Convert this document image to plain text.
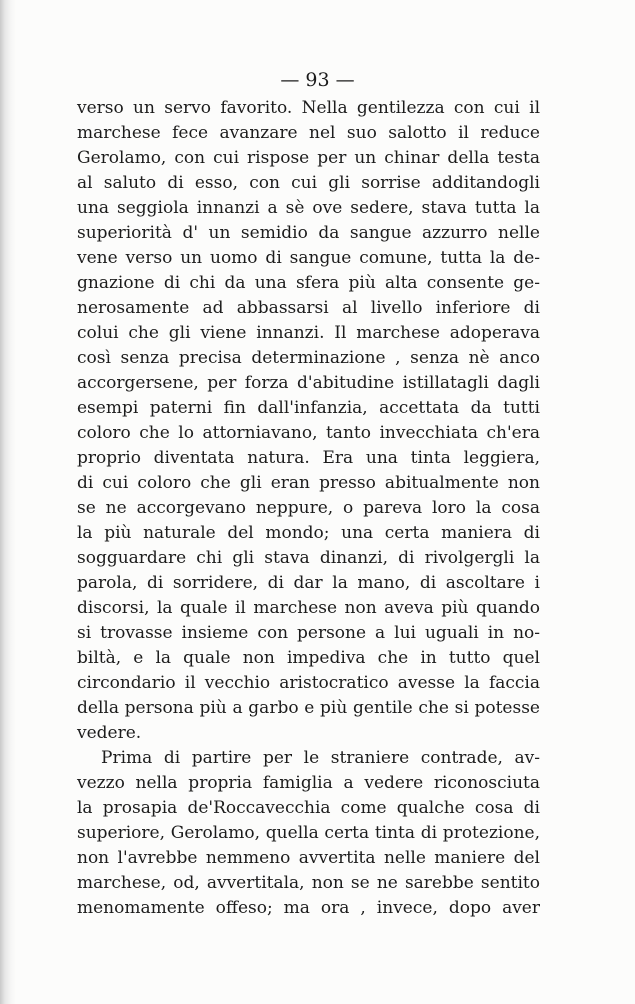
— 93 —
verso un servo favorito. Nella gentilezza con cui il
marchese fece avanzare nel suo salotto il reduce
Gerolamo, con cui rispose per un chinar della testa
al saluto di esso, con cui gli sorrise additandogli
una seggiola innanzi a sè ove sedere, stava tutta la
superiorità d' un semidio da sangue azzurro nelle
vene verso un uomo di sangue comune, tutta la de-
gnazione di chi da una sfera più alta consente ge-
nerosamente ad abbassarsi al livello inferiore di
colui che gli viene innanzi. Il marchese adoperava
così senza precisa determinazione , senza nè anco
accorgersene, per forza d'abitudine istillatagli dagli
esempi paterni fin dall'infanzia, accettata da tutti
coloro che lo attorniavano, tanto invecchiata ch'era
proprio diventata natura. Era una tinta leggiera,
di cui coloro che gli eran presso abitualmente non
se ne accorgevano neppure, o pareva loro la cosa
la più naturale del mondo; una certa maniera di
sogguardare chi gli stava dinanzi, di rivolgergli la
parola, di sorridere, di dar la mano, di ascoltare i
discorsi, la quale il marchese non aveva più quando
si trovasse insieme con persone a lui uguali in no-
biltà, e la quale non impediva che in tutto quel
circondario il vecchio aristocratico avesse la faccia
della persona più a garbo e più gentile che si potesse
vedere.
Prima di partire per le straniere contrade, av-
vezzo nella propria famiglia a vedere riconosciuta
la prosapia de'Roccavecchia come qualche cosa di
superiore, Gerolamo, quella certa tinta di protezione,
non l'avrebbe nemmeno avvertita nelle maniere del
marchese, od, avvertitala, non se ne sarebbe sentito
menomamente offeso; ma ora , invece, dopo aver
